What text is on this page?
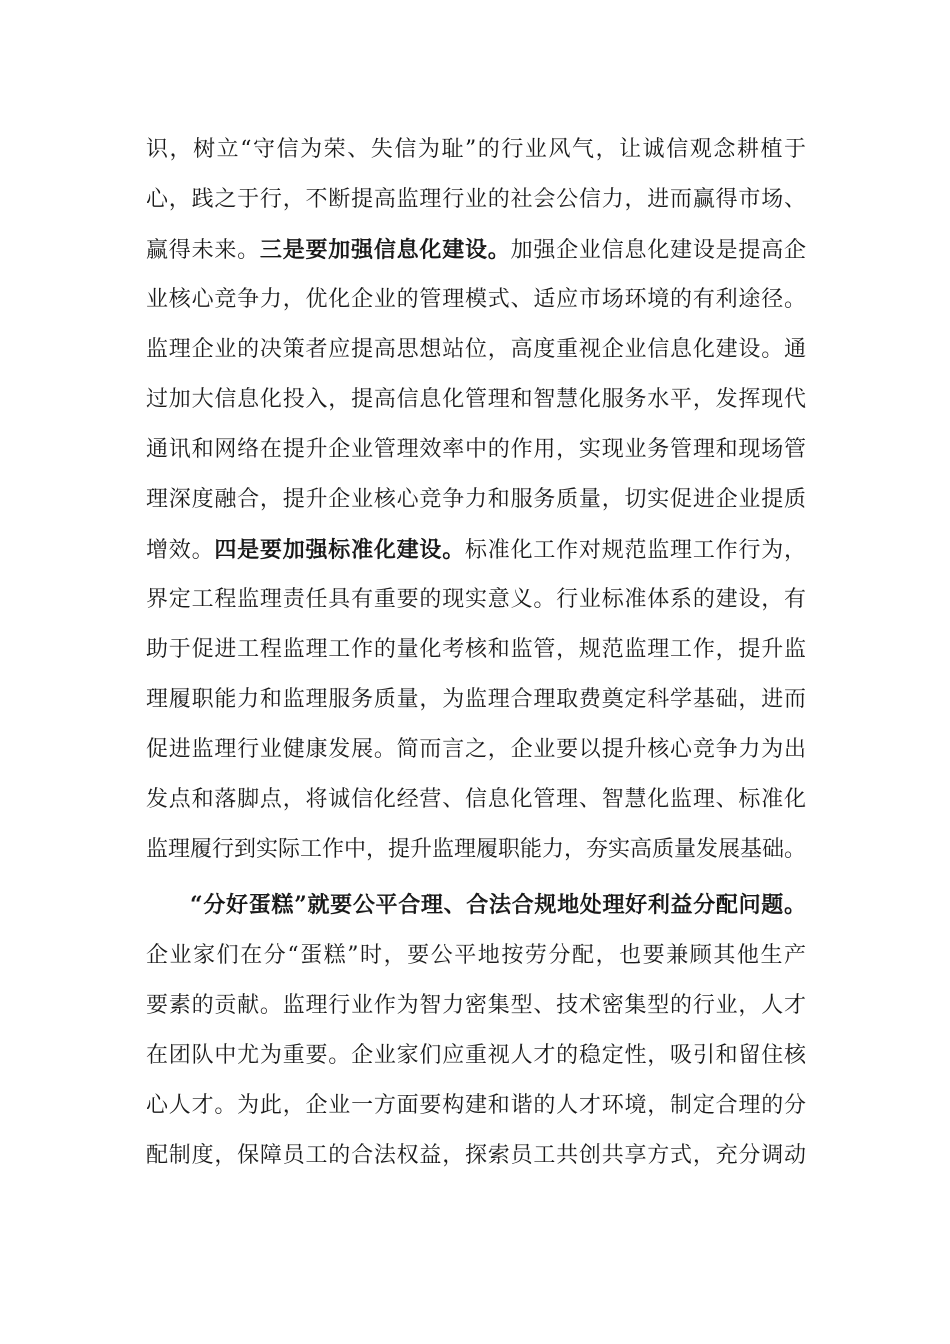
识，树立“守信为荣、失信为耻”的行业风气，让诚信观念耕植于
心，践之于行，不断提高监理行业的社会公信力，进而赢得市场、
赢得未来。三是要加强信息化建设。加强企业信息化建设是提高企
业核心竞争力，优化企业的管理模式、适应市场环境的有利途径。
监理企业的决策者应提高思想站位，高度重视企业信息化建设。通
过加大信息化投入，提高信息化管理和智慧化服务水平，发挥现代
通讯和网络在提升企业管理效率中的作用，实现业务管理和现场管
理深度融合，提升企业核心竞争力和服务质量，切实促进企业提质
增效。四是要加强标准化建设。标准化工作对规范监理工作行为，
界定工程监理责任具有重要的现实意义。行业标准体系的建设，有
助于促进工程监理工作的量化考核和监管，规范监理工作，提升监
理履职能力和监理服务质量，为监理合理取费奠定科学基础，进而
促进监理行业健康发展。简而言之，企业要以提升核心竞争力为出
发点和落脚点，将诚信化经营、信息化管理、智慧化监理、标准化
监理履行到实际工作中，提升监理履职能力，夯实高质量发展基础。
“分好蛋糕”就要公平合理、合法合规地处理好利益分配问题。
企业家们在分“蛋糕”时，要公平地按劳分配，也要兼顾其他生产
要素的贡献。监理行业作为智力密集型、技术密集型的行业，人才
在团队中尤为重要。企业家们应重视人才的稳定性，吸引和留住核
心人才。为此，企业一方面要构建和谐的人才环境，制定合理的分
配制度，保障员工的合法权益，探索员工共创共享方式，充分调动
